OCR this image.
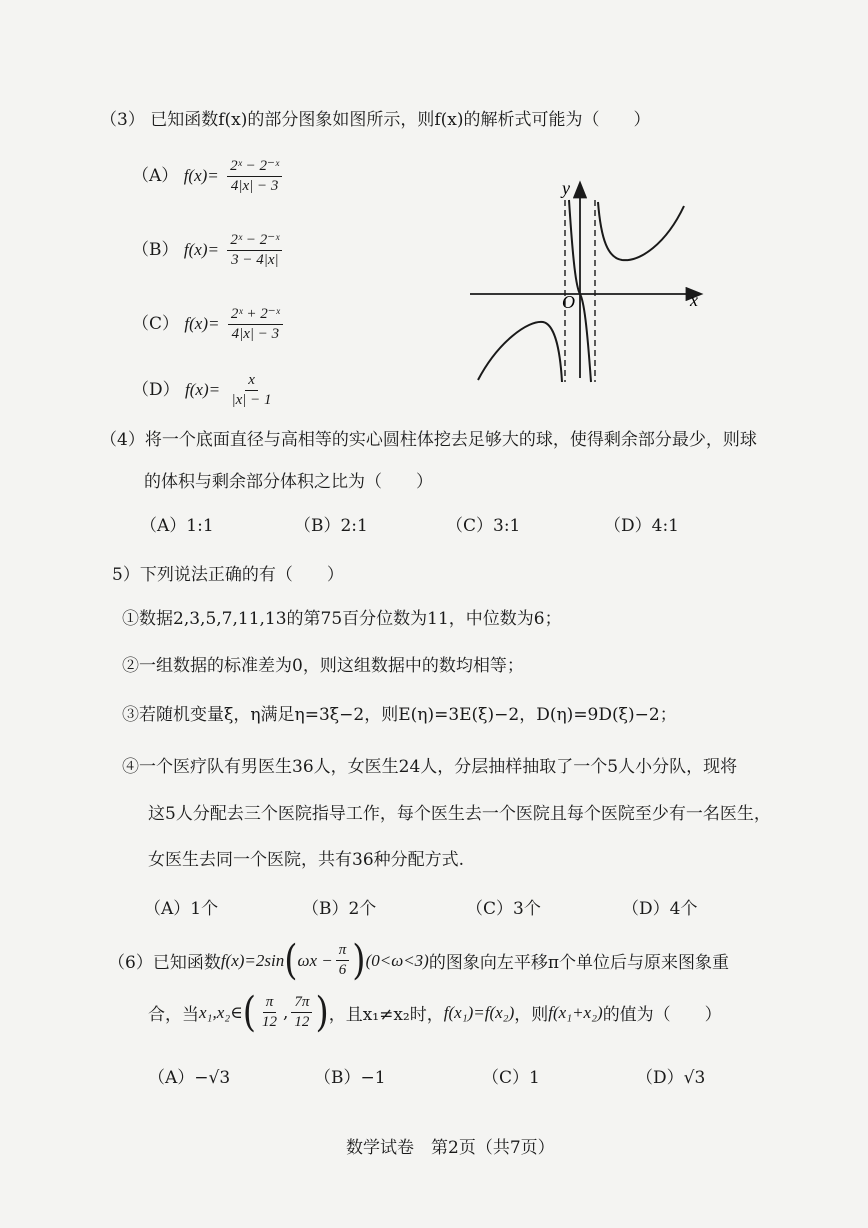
（3） 已知函数f(x)的部分图象如图所示，则f(x)的解析式可能为（　　）
（A） $f(x)= \frac{\text{2ˣ − 2⁻ˣ}}{4|x| - 3}$
（B） $f(x)= \frac{\text{2ˣ − 2⁻ˣ}}{3 - 4|x|}$
（C） $f(x)= \frac{\text{2ˣ + 2⁻ˣ}}{4|x| - 3}$
（D） $f(x)= \frac{x}{|x| - 1}$
y
x
O
（4）将一个底面直径与高相等的实心圆柱体挖去足够大的球，使得剩余部分最少，则球
的体积与剩余部分体积之比为（　　）
（A）1:1	（B）2:1	（C）3:1	（D）4:1
5）下列说法正确的有（　　）
①数据2,3,5,7,11,13的第75百分位数为11，中位数为6；
②一组数据的标准差为0，则这组数据中的数均相等；
③若随机变量ξ，η满足η=3ξ−2，则E(η)=3E(ξ)−2，D(η)=9D(ξ)−2；
④一个医疗队有男医生36人，女医生24人，分层抽样抽取了一个5人小分队，现将
这5人分配去三个医院指导工作，每个医生去一个医院且每个医院至少有一名医生，
女医生去同一个医院，共有36种分配方式.
（A）1个	（B）2个	（C）3个	（D）4个
（6）已知函数 f(x)=2sin ( $\omega x - \frac{\pi}{6}$ ) (0<ω<3) 的图象向左平移π个单位后与原来图象重
合，当 x₁,x₂∈ ( $\frac{\pi}{12}$ , $\frac{7\pi}{12}$ ) ，且x₁≠x₂时， f(x₁)=f(x₂) ，则 f(x₁+x₂) 的值为（　　）
（A）−√3	（B）−1	（C）1	（D）√3
数学试卷　第2页（共7页）
